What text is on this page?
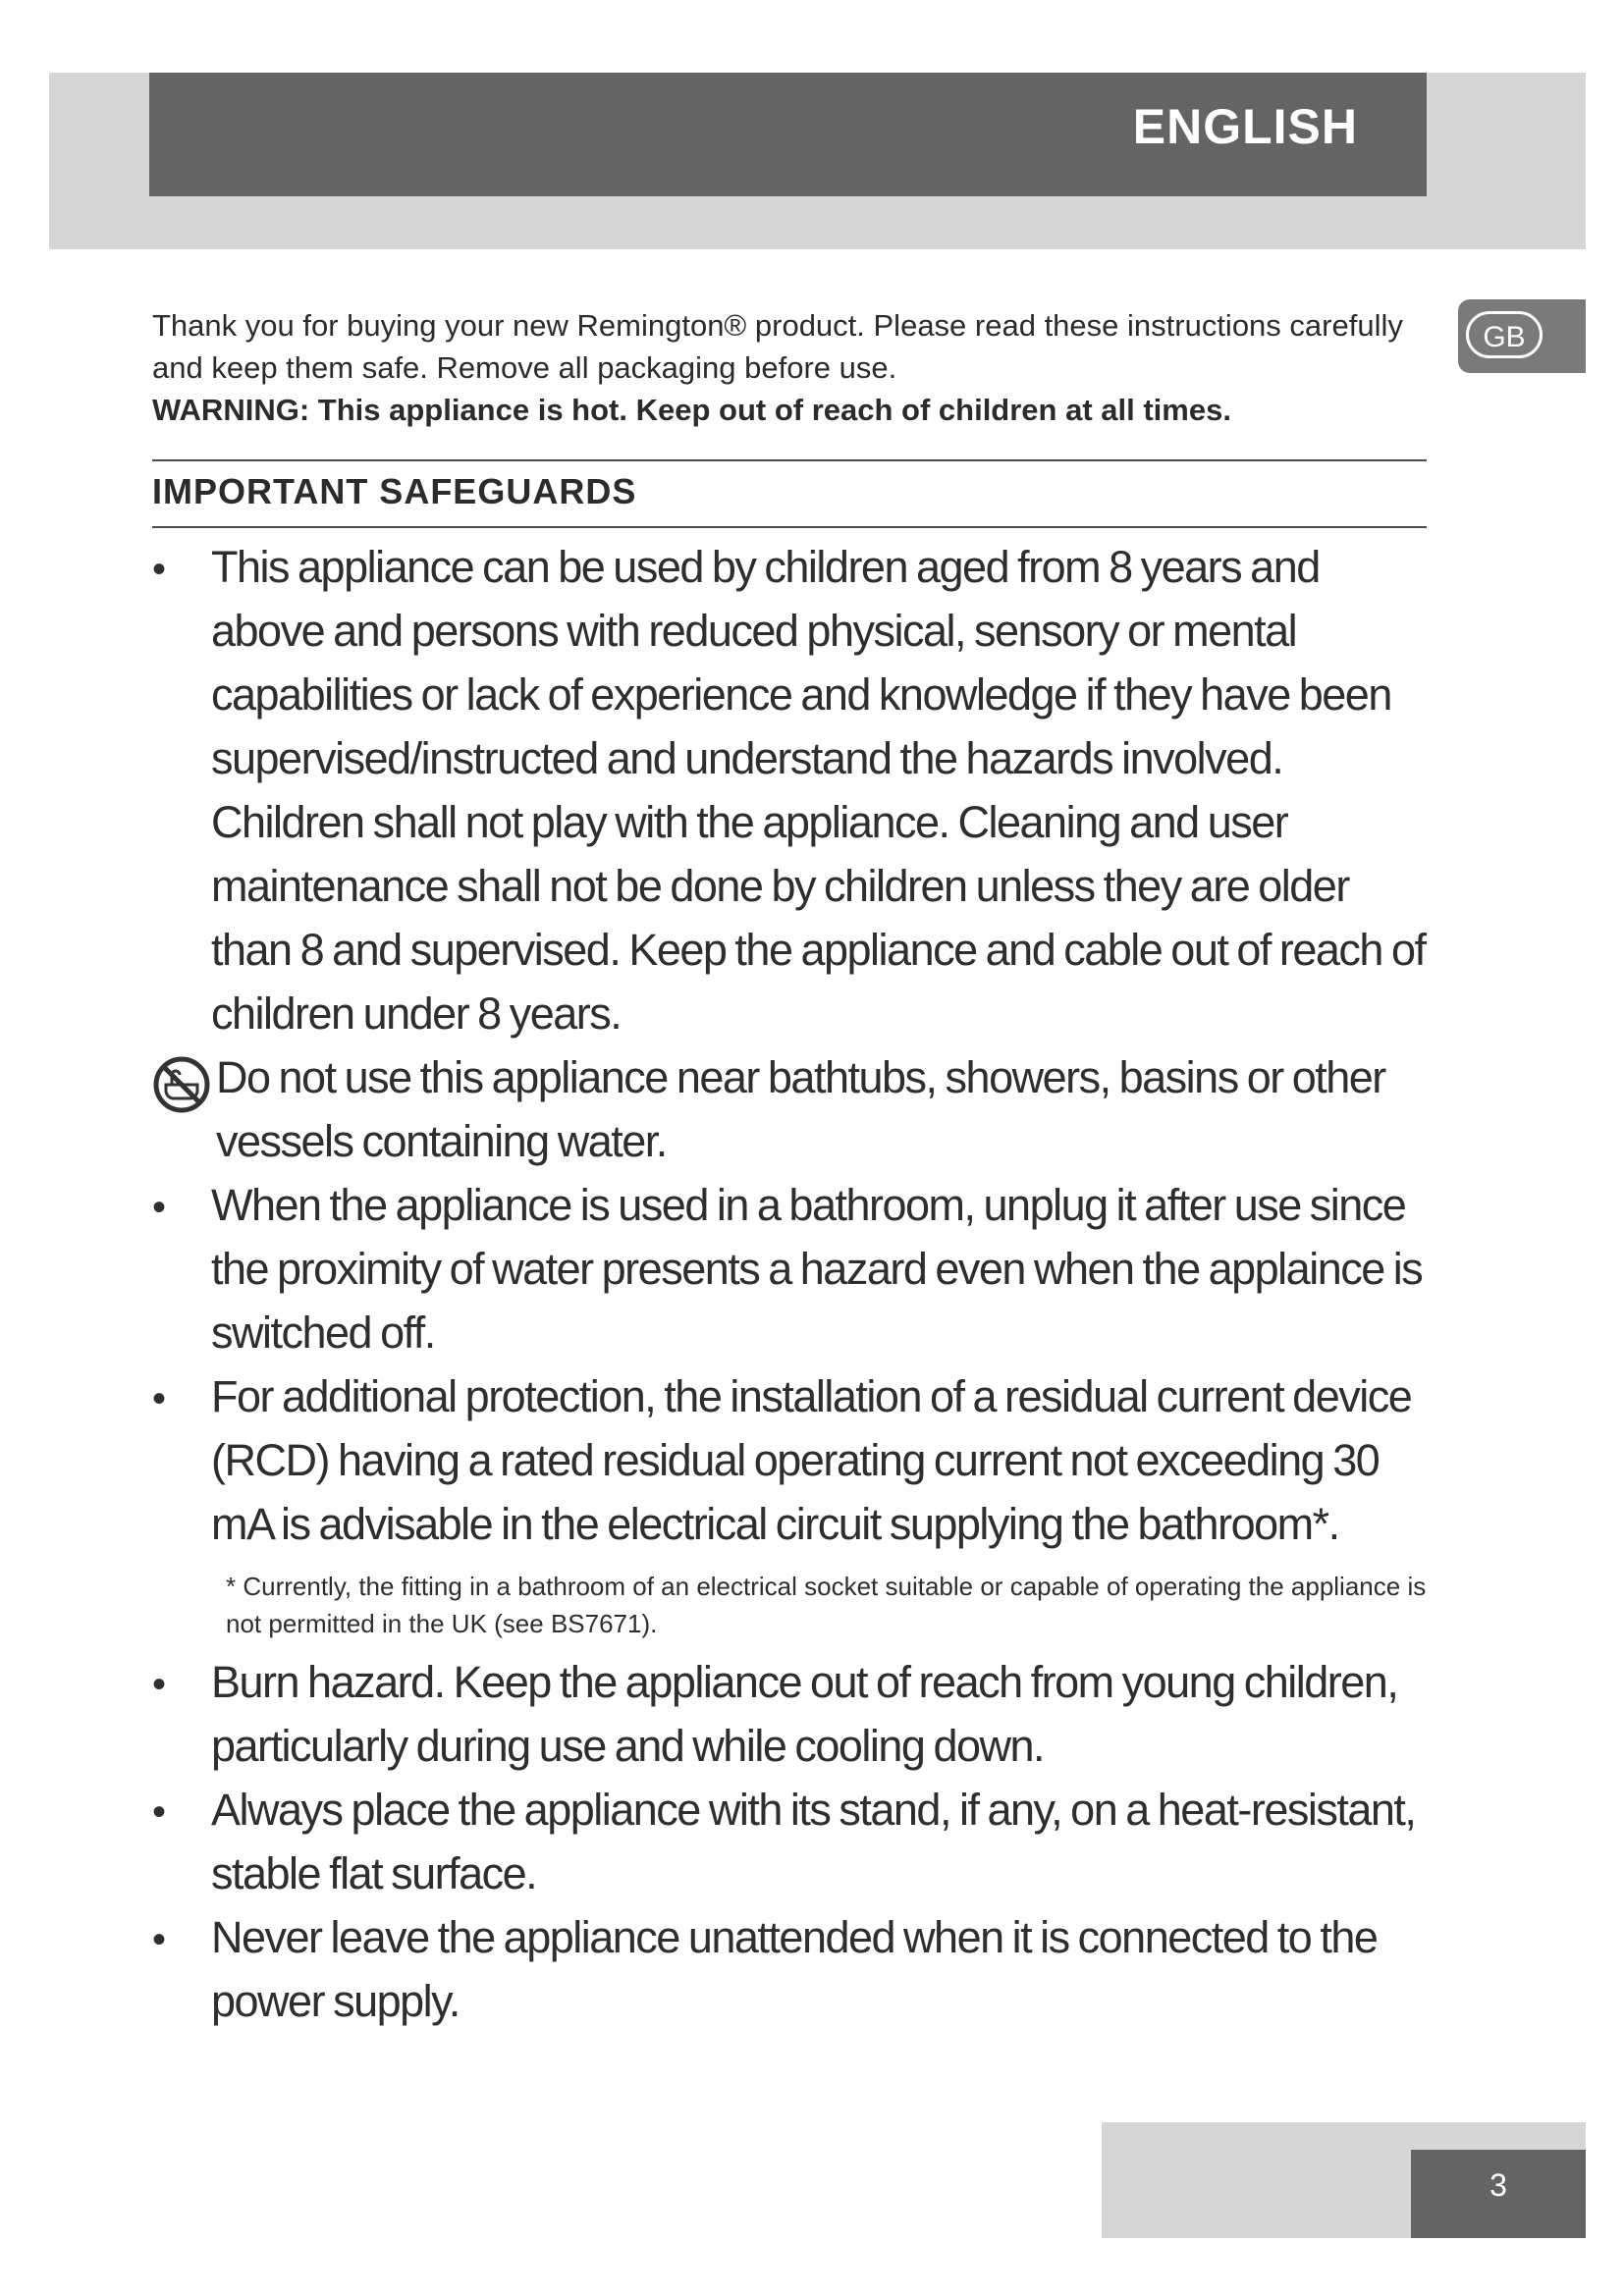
ENGLISH
GB

Thank you for buying your new Remington® product. Please read these instructions carefully and keep them safe. Remove all packaging before use.

WARNING: This appliance is hot. Keep out of reach of children at all times.

IMPORTANT SAFEGUARDS
•
This appliance can be used by children aged from 8 years and above and persons with reduced physical, sensory or mental capabilities or lack of experience and knowledge if they have been supervised/instructed and understand the hazards involved. Children shall not play with the appliance. Cleaning and user maintenance shall not be done by children unless they are older than 8 and supervised. Keep the appliance and cable out of reach of children under 8 years.
Do not use this appliance near bathtubs, showers, basins or other vessels containing water.
•
When the appliance is used in a bathroom, unplug it after use since the proximity of water presents a hazard even when the applaince is switched off.
•
For additional protection, the installation of a residual current device (RCD) having a rated residual operating current not exceeding 30 mA is advisable in the electrical circuit supplying the bathroom*.
* Currently, the fitting in a bathroom of an electrical socket suitable or capable of operating the appliance is not permitted in the UK (see BS7671).
•
Burn hazard. Keep the appliance out of reach from young children, particularly during use and while cooling down.
•
Always place the appliance with its stand, if any, on a heat-resistant, stable flat surface.
•
Never leave the appliance unattended when it is connected to the power supply.
3
